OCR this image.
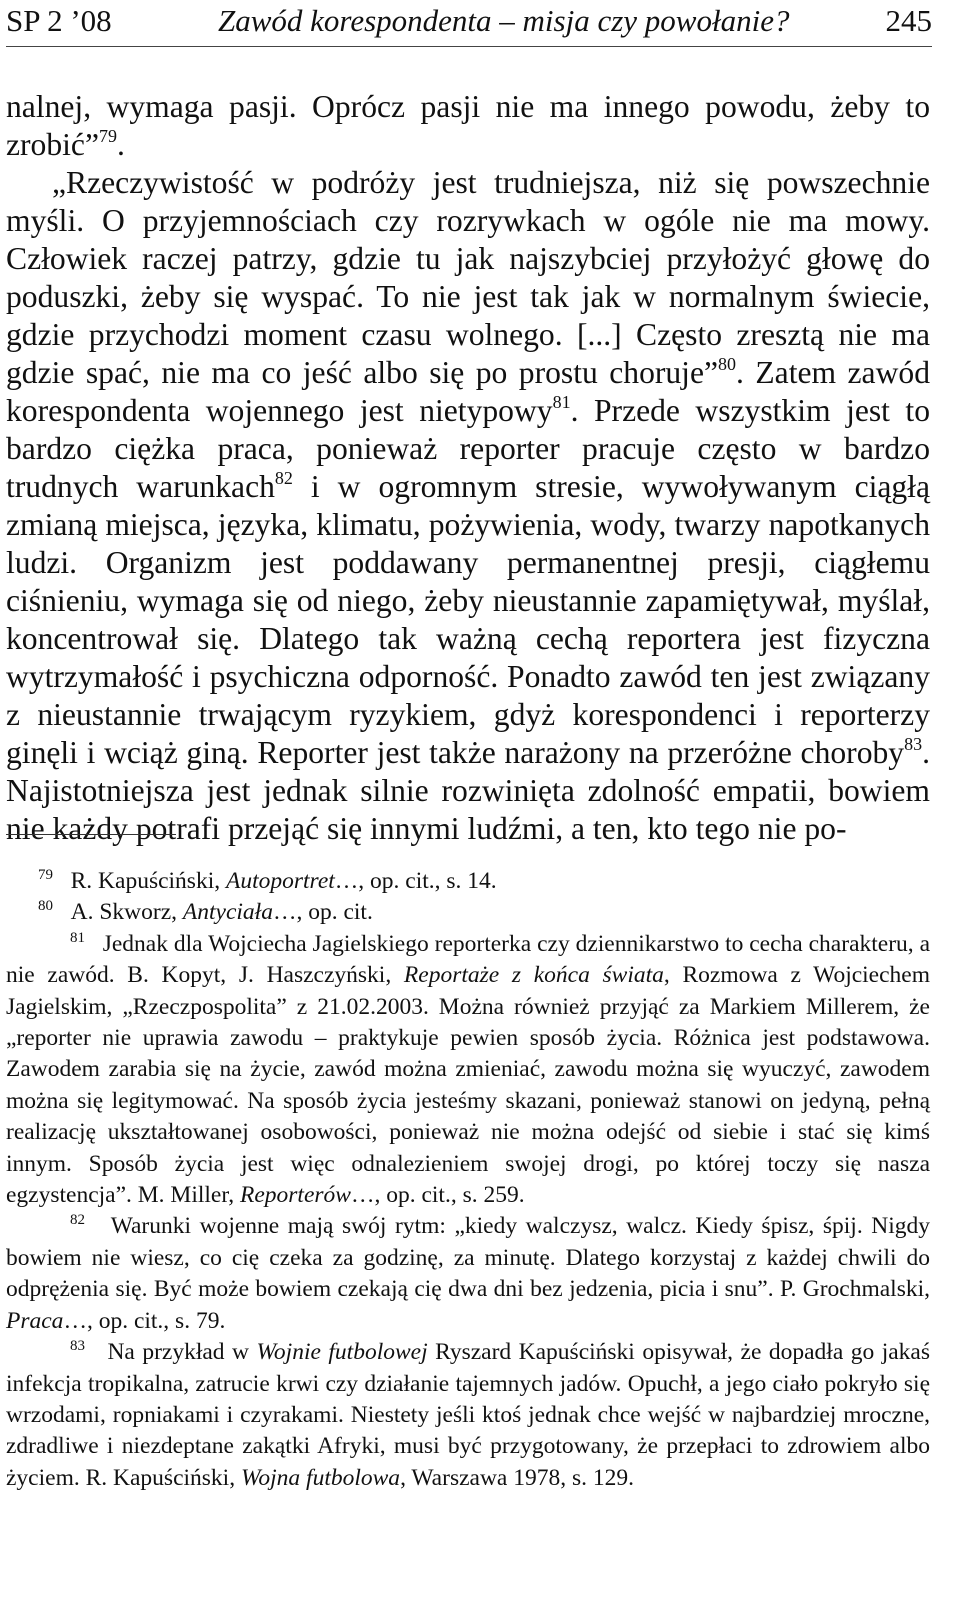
SP 2 ’08	Zawód korespondenta – misja czy powołanie?	245

nalnej, wymaga pasji. Oprócz pasji nie ma innego powodu, żeby to zrobić”$^{79}$.

„Rzeczywistość w podróży jest trudniejsza, niż się powszechnie myśli. O przyjemnościach czy rozrywkach w ogóle nie ma mowy. Człowiek raczej patrzy, gdzie tu jak najszybciej przyłożyć głowę do poduszki, żeby się wyspać. To nie jest tak jak w normalnym świecie, gdzie przychodzi moment czasu wolnego. [...] Często zresztą nie ma gdzie spać, nie ma co jeść albo się po prostu choruje”$^{80}$. Zatem zawód korespondenta wojennego jest nietypowy$^{81}$. Przede wszystkim jest to bardzo ciężka praca, ponieważ reporter pracuje często w bardzo trudnych warunkach$^{82}$ i w ogromnym stresie, wywoływanym ciągłą zmianą miejsca, języka, klimatu, pożywienia, wody, twarzy napotkanych ludzi. Organizm jest poddawany permanentnej presji, ciągłemu ciśnieniu, wymaga się od niego, żeby nieustannie zapamiętywał, myślał, koncentrował się. Dlatego tak ważną cechą reportera jest fizyczna wytrzymałość i psychiczna odporność. Ponadto zawód ten jest związany z nieustannie trwającym ryzykiem, gdyż korespondenci i reporterzy ginęli i wciąż giną. Reporter jest także narażony na przeróżne choroby$^{83}$. Najistotniejsza jest jednak silnie rozwinięta zdolność empatii, bowiem nie każdy potrafi przejąć się innymi ludźmi, a ten, kto tego nie po-

79 R. Kapuściński, Autoportret…, op. cit., s. 14.

80 A. Skworz, Antyciała…, op. cit.

81 Jednak dla Wojciecha Jagielskiego reporterka czy dziennikarstwo to cecha charakteru, a nie zawód. B. Kopyt, J. Haszczyński, Reportaże z końca świata, Rozmowa z Wojciechem Jagielskim, „Rzeczpospolita” z 21.02.2003. Można również przyjąć za Markiem Millerem, że „reporter nie uprawia zawodu – praktykuje pewien sposób życia. Różnica jest podstawowa. Zawodem zarabia się na życie, zawód można zmieniać, zawodu można się wyuczyć, zawodem można się legitymować. Na sposób życia jesteśmy skazani, ponieważ stanowi on jedyną, pełną realizację ukształtowanej osobowości, ponieważ nie można odejść od siebie i stać się kimś innym. Sposób życia jest więc odnalezieniem swojej drogi, po której toczy się nasza egzystencja”. M. Miller, Reporterów…, op. cit., s. 259.

82 Warunki wojenne mają swój rytm: „kiedy walczysz, walcz. Kiedy śpisz, śpij. Nigdy bowiem nie wiesz, co cię czeka za godzinę, za minutę. Dlatego korzystaj z każdej chwili do odprężenia się. Być może bowiem czekają cię dwa dni bez jedzenia, picia i snu”. P. Grochmalski, Praca…, op. cit., s. 79.

83 Na przykład w Wojnie futbolowej Ryszard Kapuściński opisywał, że dopadła go jakaś infekcja tropikalna, zatrucie krwi czy działanie tajemnych jadów. Opuchł, a jego ciało pokryło się wrzodami, ropniakami i czyrakami. Niestety jeśli ktoś jednak chce wejść w najbardziej mroczne, zdradliwe i niezdeptane zakątki Afryki, musi być przygotowany, że przepłaci to zdrowiem albo życiem. R. Kapuściński, Wojna futbolowa, Warszawa 1978, s. 129.
